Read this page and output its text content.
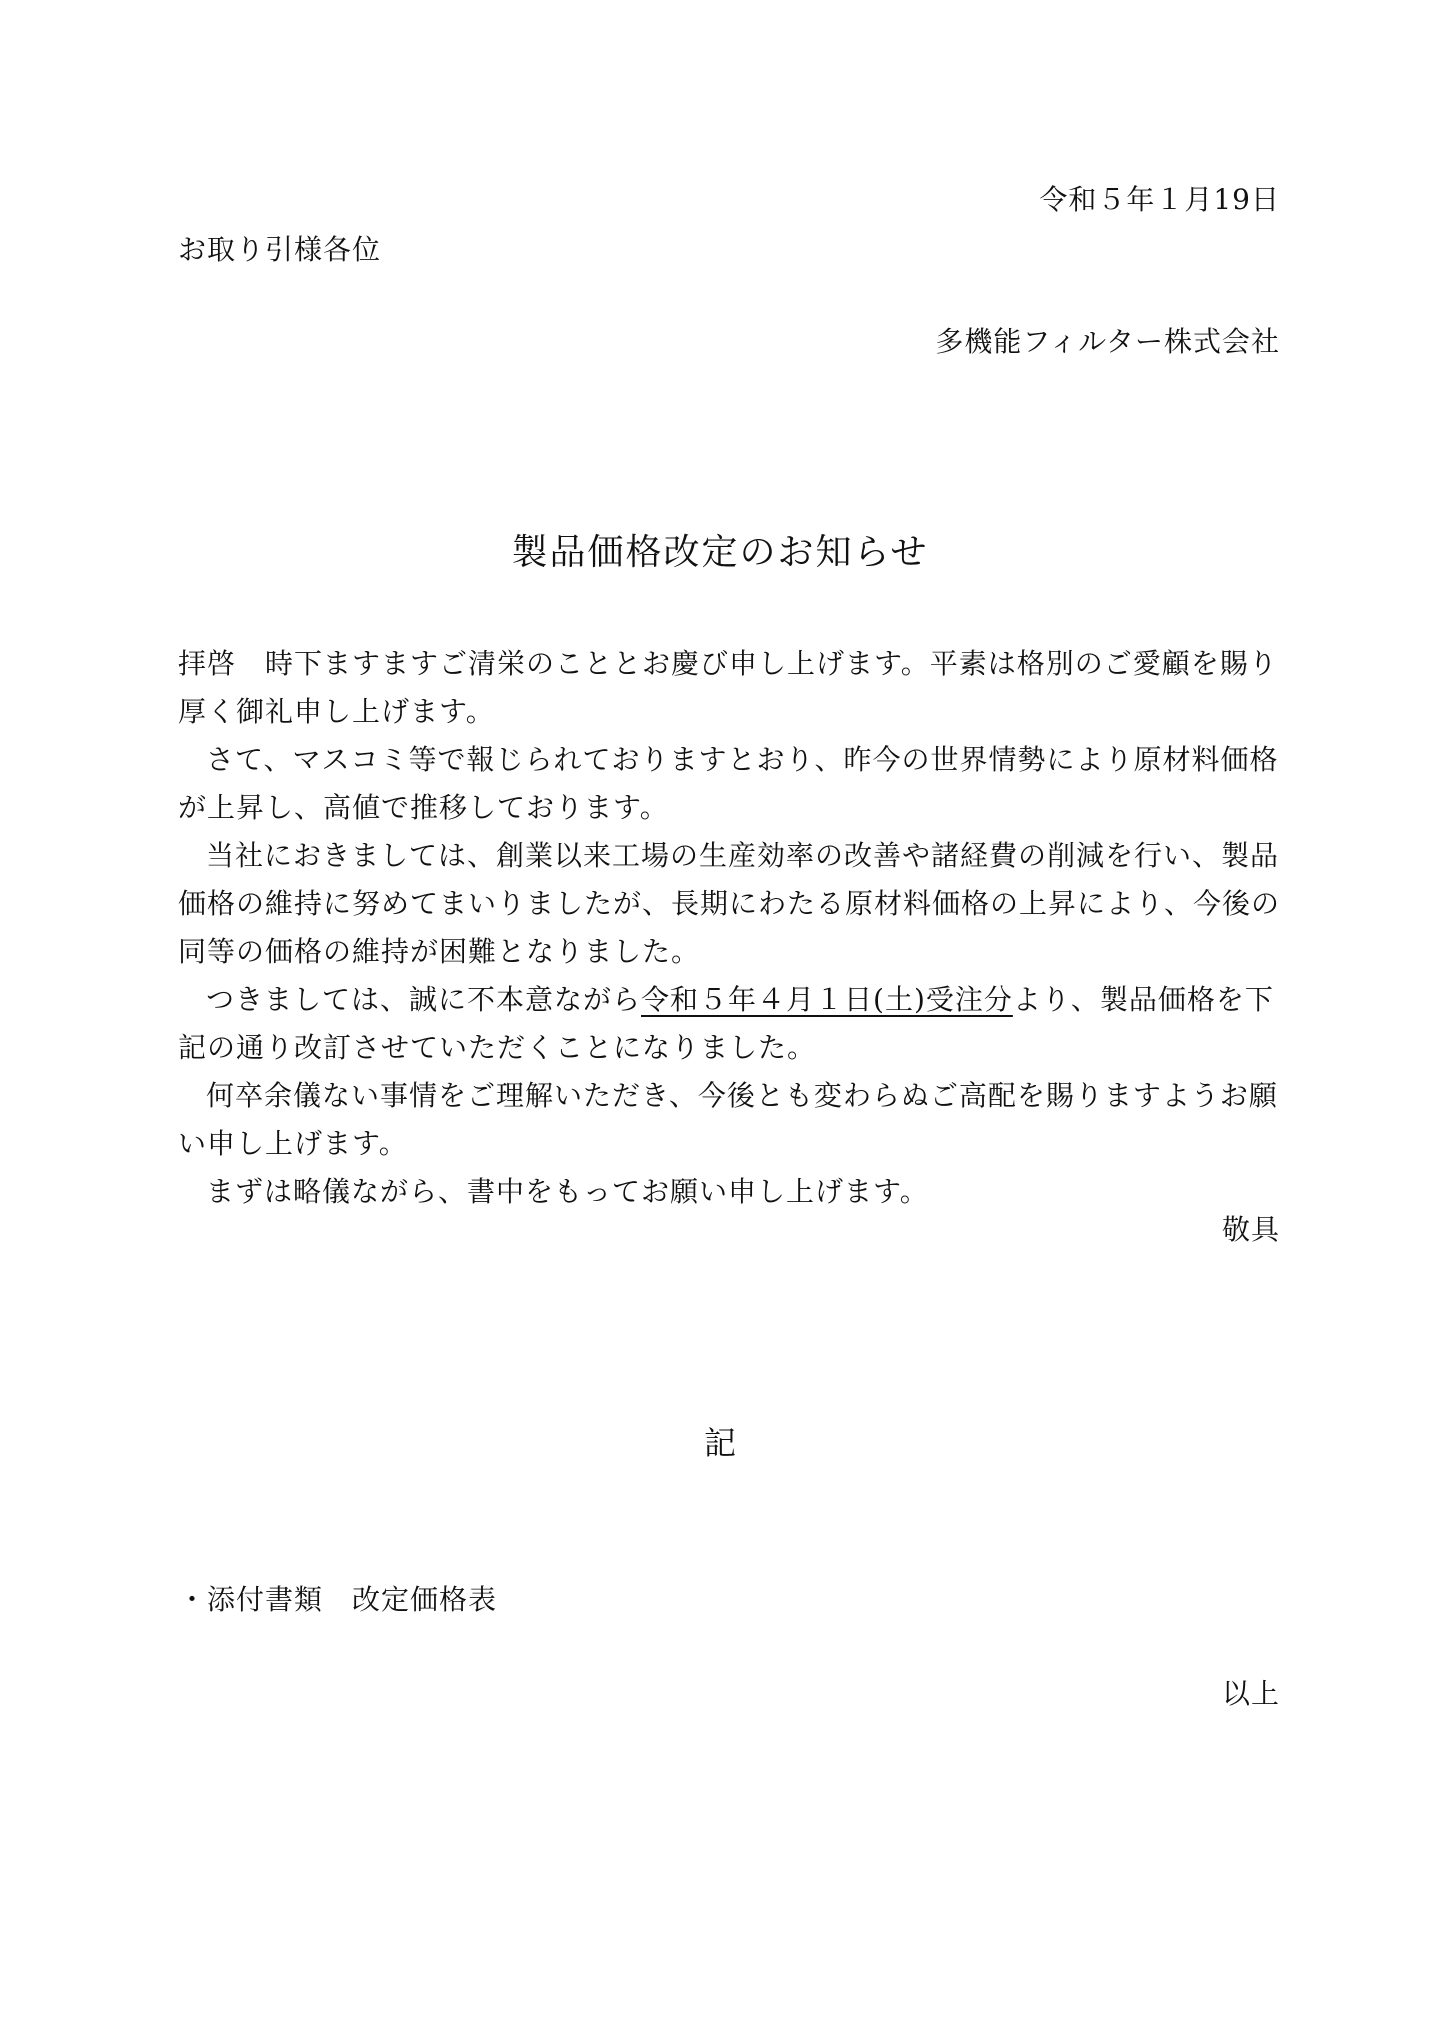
令和５年１月19日

お取り引様各位

多機能フィルター株式会社

製品価格改定のお知らせ

拝啓　時下ますますご清栄のこととお慶び申し上げます。平素は格別のご愛顧を賜り厚く御礼申し上げます。

さて、マスコミ等で報じられておりますとおり、昨今の世界情勢により原材料価格が上昇し、高値で推移しております。

当社におきましては、創業以来工場の生産効率の改善や諸経費の削減を行い、製品価格の維持に努めてまいりましたが、長期にわたる原材料価格の上昇により、今後の同等の価格の維持が困難となりました。

つきましては、誠に不本意ながら令和５年４月１日(土)受注分より、製品価格を下記の通り改訂させていただくことになりました。

何卒余儀ない事情をご理解いただき、今後とも変わらぬご高配を賜りますようお願い申し上げます。

まずは略儀ながら、書中をもってお願い申し上げます。

敬具

記

・添付書類　改定価格表

以上
